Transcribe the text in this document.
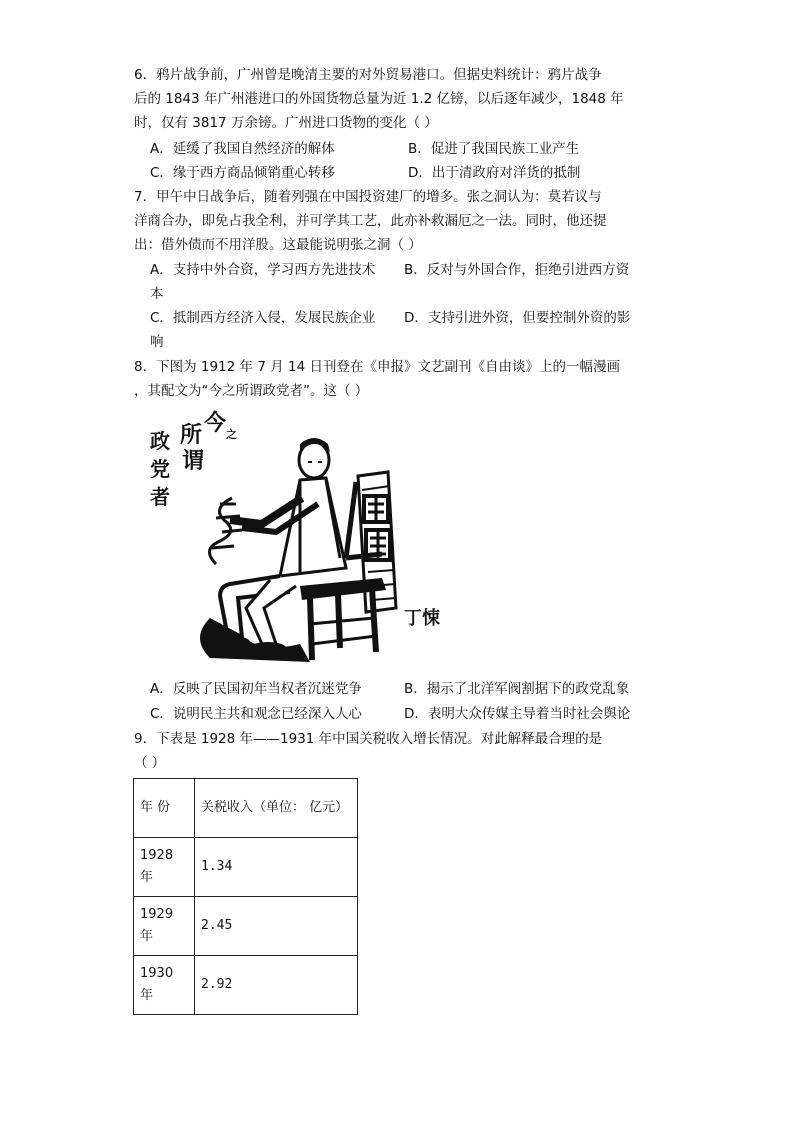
6．鸦片战争前，广州曾是晚清主要的对外贸易港口。但据史料统计：鸦片战争
后的 1843 年广州港进口的外国货物总量为近 1.2 亿镑，以后逐年减少，1848 年
时，仅有 3817 万余镑。广州进口货物的变化（ ）
A．延缓了我国自然经济的解体	B．促进了我国民族工业产生
C．缘于西方商品倾销重心转移	D．出于清政府对洋货的抵制
7．甲午中日战争后，随着列强在中国投资建厂的增多。张之洞认为：莫若议与
洋商合办，即免占我全利，并可学其工艺，此亦补救漏厄之一法。同时，他还提
出：借外债而不用洋股。这最能说明张之洞（ ）
A．支持中外合资，学习西方先进技术 B．反对与外国合作，拒绝引进西方资
本
C．抵制西方经济入侵，发展民族企业 D．支持引进外资，但要控制外资的影
响
8．下图为 1912 年 7 月 14 日刊登在《申报》文艺副刊《自由谈》上的一幅漫画
，其配文为“今之所谓政党者”。这（ ）
今 之
所
谓
政
党
者
丁悚
A．反映了民国初年当权者沉迷党争	B．揭示了北洋军阀割据下的政党乱象
C．说明民主共和观念已经深入人心	D．表明大众传媒主导着当时社会舆论
9．下表是 1928 年——1931 年中国关税收入增长情况。对此解释最合理的是
（ ）
年 份	关税收入（单位： 亿元）
1928 年	1.34
1929 年	2.45
1930 年	2.92
